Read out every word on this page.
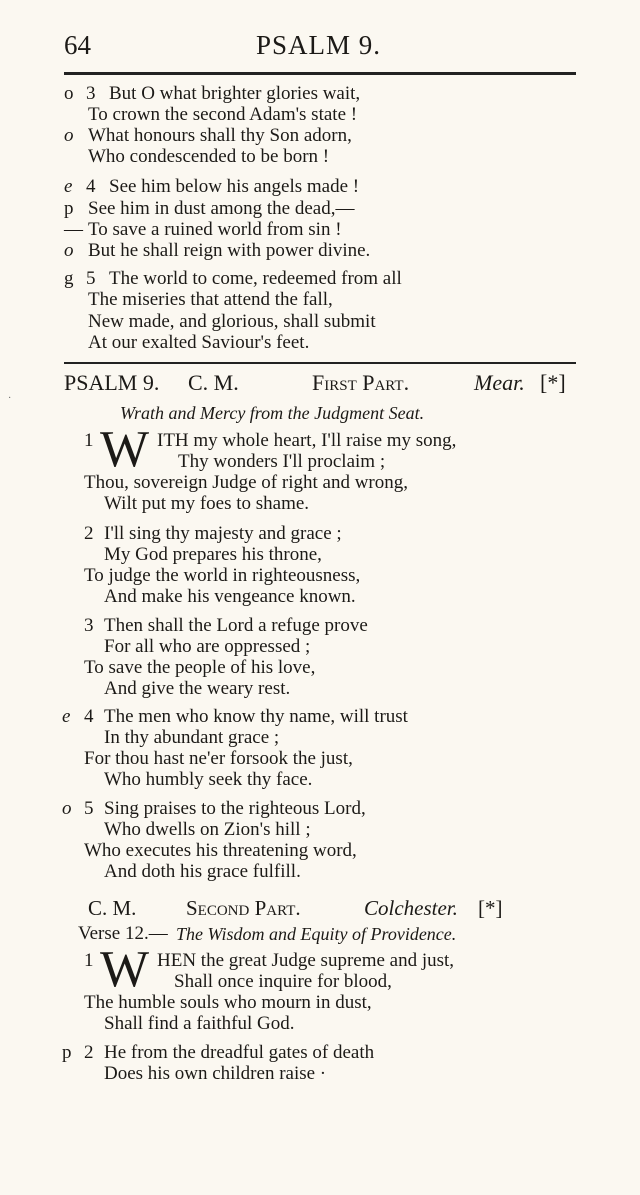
64	PSALM 9.
o 3 But O what brighter glories wait,
To crown the second Adam's state !
o What honours shall thy Son adorn,
Who condescended to be born !
e 4 See him below his angels made !
p See him in dust among the dead,—
— To save a ruined world from sin !
o But he shall reign with power divine.
g 5 The world to come, redeemed from all
The miseries that attend the fall,
New made, and glorious, shall submit
At our exalted Saviour's feet.
PSALM 9. C. M.	First Part.	Mear. [*]
·
Wrath and Mercy from the Judgment Seat.
1 W ITH my whole heart, I'll raise my song,
Thy wonders I'll proclaim ;
Thou, sovereign Judge of right and wrong,
Wilt put my foes to shame.
2 I'll sing thy majesty and grace ;
My God prepares his throne,
To judge the world in righteousness,
And make his vengeance known.
3 Then shall the Lord a refuge prove
For all who are oppressed ;
To save the people of his love,
And give the weary rest.
e 4 The men who know thy name, will trust
In thy abundant grace ;
For thou hast ne'er forsook the just,
Who humbly seek thy face.
o 5 Sing praises to the righteous Lord,
Who dwells on Zion's hill ;
Who executes his threatening word,
And doth his grace fulfill.
C. M. Second Part.	Colchester. [*]
Verse 12.— The Wisdom and Equity of Providence.
1 W HEN the great Judge supreme and just,
Shall once inquire for blood,
The humble souls who mourn in dust,
Shall find a faithful God.
p 2 He from the dreadful gates of death
Does his own children raise ·
